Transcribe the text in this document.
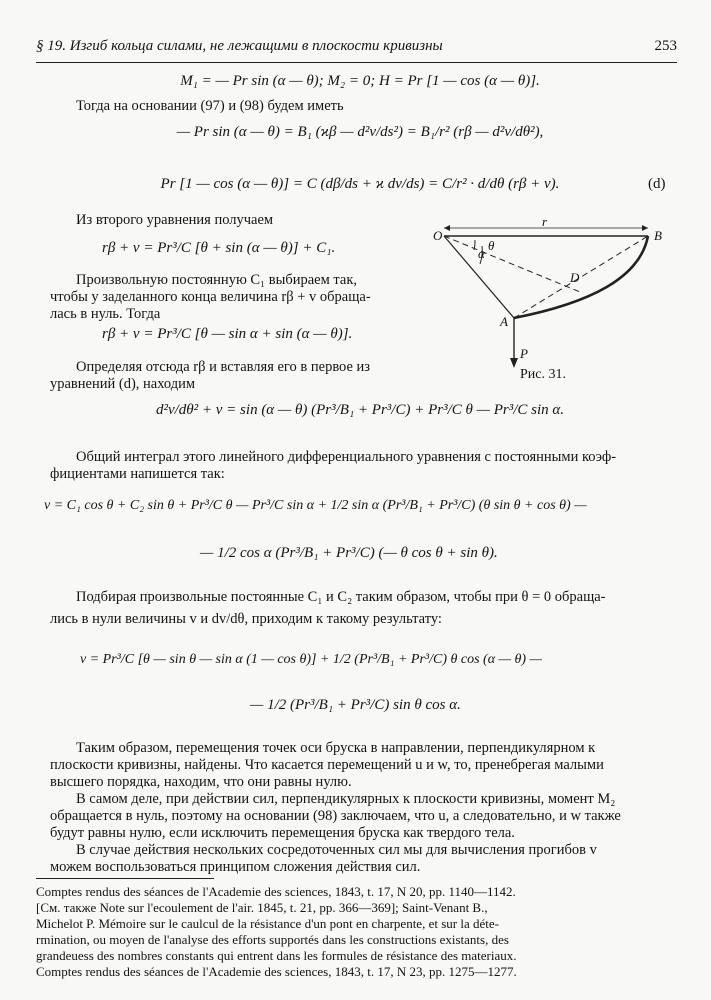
§ 19. Изгиб кольца силами, не лежащими в плоскости кривизны	253
M₁ = — Pr sin (α — θ); M₂ = 0; H = Pr [1 — cos (α — θ)].
Тогда на основании (97) и (98) будем иметь
— Pr sin (α — θ) = B₁ (ϰβ — d²v/ds²) = B₁/r² (rβ — d²v/dθ²),
Pr [1 — cos (α — θ)] = C (dβ/ds + ϰ dv/ds) = C/r² · d/dθ (rβ + v).	(d)
Из второго уравнения получаем
rβ + v = Pr³/C [θ + sin (α — θ)] + C₁.
Произвольную постоянную C₁ выбираем так,
чтобы у заделанного конца величина rβ + v обраща-
лась в нуль. Тогда
rβ + v = Pr³/C [θ — sin α + sin (α — θ)].
Определяя отсюда rβ и вставляя его в первое из
уравнений (d), находим
O	B
r
A
D
P
α
θ
Рис. 31.
d²v/dθ² + v = sin (α — θ) (Pr³/B₁ + Pr³/C) + Pr³/C θ — Pr³/C sin α.
Общий интеграл этого линейного дифференциального уравнения с постоянными коэф-
фициентами напишется так:
v = C₁ cos θ + C₂ sin θ + Pr³/C θ — Pr³/C sin α + 1/2 sin α (Pr³/B₁ + Pr³/C) (θ sin θ + cos θ) —
— 1/2 cos α (Pr³/B₁ + Pr³/C) (— θ cos θ + sin θ).
Подбирая произвольные постоянные C₁ и C₂ таким образом, чтобы при θ = 0 обраща-
лись в нули величины v и dv/dθ, приходим к такому результату:
v = Pr³/C [θ — sin θ — sin α (1 — cos θ)] + 1/2 (Pr³/B₁ + Pr³/C) θ cos (α — θ) —
— 1/2 (Pr³/B₁ + Pr³/C) sin θ cos α.
Таким образом, перемещения точек оси бруска в направлении, перпендикулярном к
плоскости кривизны, найдены. Что касается перемещений u и w, то, пренебрегая малыми
высшего порядка, находим, что они равны нулю.
В самом деле, при действии сил, перпендикулярных к плоскости кривизны, момент M₂
обращается в нуль, поэтому на основании (98) заключаем, что u, а следовательно, и w также
будут равны нулю, если исключить перемещения бруска как твердого тела.
В случае действия нескольких сосредоточенных сил мы для вычисления прогибов v
можем воспользоваться принципом сложения действия сил.
Comptes rendus des séances de l'Academie des sciences, 1843, t. 17, N 20, pp. 1140—1142.
[См. также Note sur l'ecoulement de l'air. 1845, t. 21, pp. 366—369]; Saint-Venant B.,
Michelot P. Mémoire sur le caulcul de la résistance d'un pont en charpente, et sur la déte-
rmination, ou moyen de l'analyse des efforts supportés dans les constructions existants, des
grandeuess des nombres constants qui entrent dans les formules de résistance des materiaux.
Comptes rendus des séances de l'Academie des sciences, 1843, t. 17, N 23, pp. 1275—1277.
